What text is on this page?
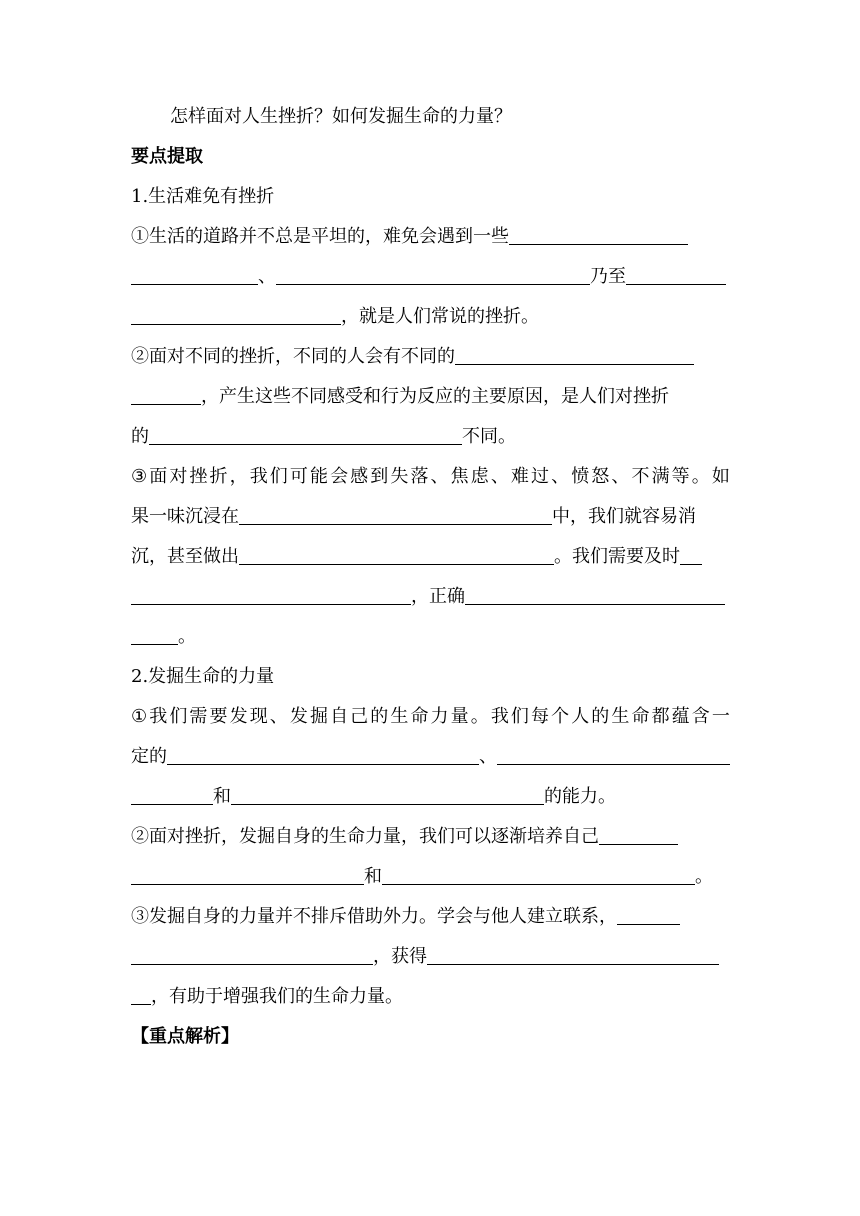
怎样面对人生挫折？如何发掘生命的力量？
要点提取
1.生活难免有挫折
①生活的道路并不总是平坦的，难免会遇到一些
、	乃至
，就是人们常说的挫折。
②面对不同的挫折，不同的人会有不同的
，产生这些不同感受和行为反应的主要原因，是人们对挫折
的	不同。
③ 面 对 挫 折 ， 我 们 可 能 会 感 到 失 落 、 焦 虑 、 难 过 、 愤 怒 、 不 满 等 。 如
果一味沉浸在	中，我们就容易消
沉，甚至做出	。我们需要及时
，正确
。
2.发掘生命的力量
① 我 们 需 要 发 现 、 发 掘 自 己 的 生 命 力 量 。 我 们 每 个 人 的 生 命 都 蕴 含 一
定的	、
和	的能力。
②面对挫折，发掘自身的生命力量，我们可以逐渐培养自己
和	。
③发掘自身的力量并不排斥借助外力。学会与他人建立联系，
，获得
，有助于增强我们的生命力量。
【重点解析】
